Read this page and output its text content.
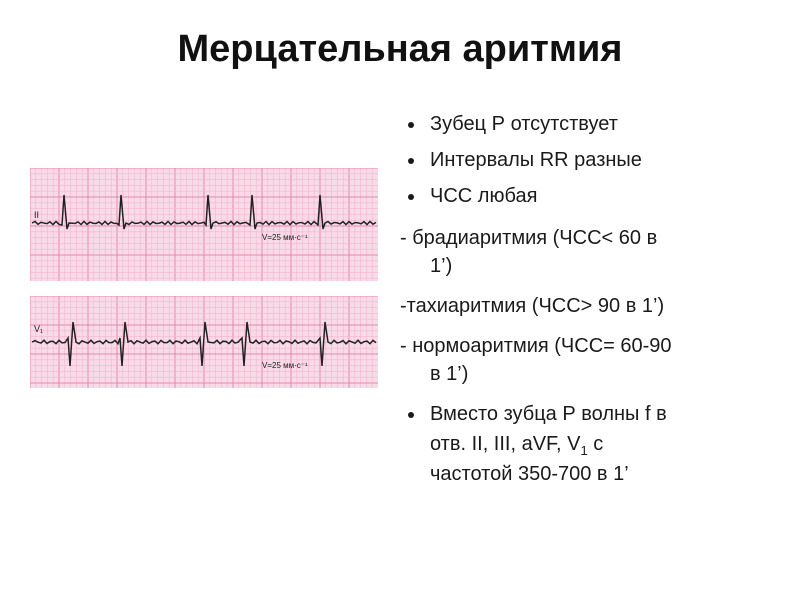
Мерцательная аритмия
II
V=25 мм·с⁻¹
V₁
V=25 мм·с⁻¹
Зубец Р отсутствует
Интервалы RR разные
ЧСС любая
- брадиаритмия (ЧСС< 60 в
1’)
-тахиаритмия (ЧСС> 90 в 1’)
- нормоаритмия (ЧСС= 60-90
в 1’)
Вместо зубца Р волны f в
отв. II, III, aVF, $V_1$ с
частотой 350-700 в 1’
